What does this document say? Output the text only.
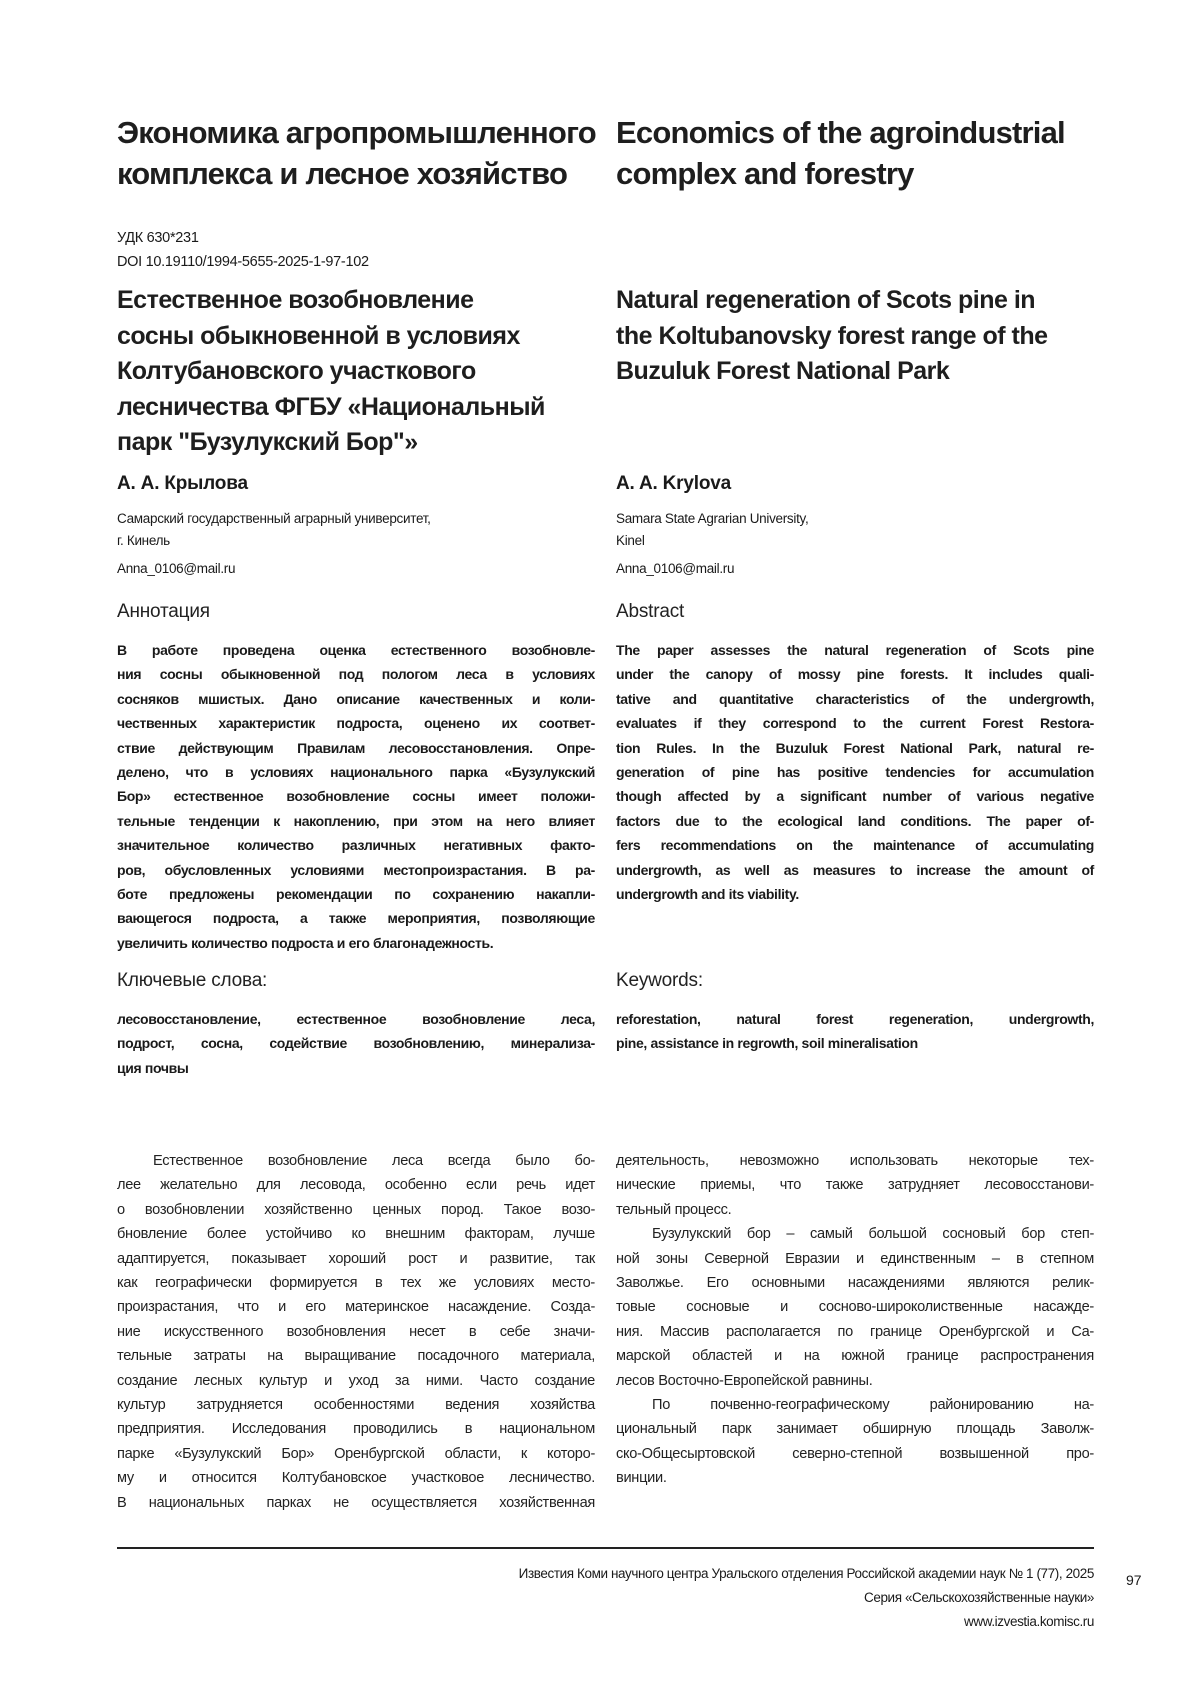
Экономика агропромышленного
комплекса и лесное хозяйство
Economics of the agroindustrial
complex and forestry
УДК 630*231
DOI 10.19110/1994-5655-2025-1-97-102
Естественное возобновление
сосны обыкновенной в условиях
Колтубановского участкового
лесничества ФГБУ «Национальный
парк "Бузулукский Бор"»
Natural regeneration of Scots pine in
the Koltubanovsky forest range of the
Buzuluk Forest National Park
А. А. Крылова
Самарский государственный аграрный университет,
г. Кинель
Anna_0106@mail.ru
A. A. Krylova
Samara State Agrarian University,
Kinel
Anna_0106@mail.ru
Аннотация	Abstract
В работе проведена оценка естественного возобновле-
ния сосны обыкновенной под пологом леса в условиях
сосняков мшистых. Дано описание качественных и коли-
чественных характеристик подроста, оценено их соответ-
ствие действующим Правилам лесовосстановления. Опре-
делено, что в условиях национального парка «Бузулукский
Бор» естественное возобновление сосны имеет положи-
тельные тенденции к накоплению, при этом на него влияет
значительное количество различных негативных факто-
ров, обусловленных условиями местопроизрастания. В ра-
боте предложены рекомендации по сохранению накапли-
вающегося подроста, а также мероприятия, позволяющие
увеличить количество подроста и его благонадежность.
The paper assesses the natural regeneration of Scots pine
under the canopy of mossy pine forests. It includes quali-
tative and quantitative characteristics of the undergrowth,
evaluates if they correspond to the current Forest Restora-
tion Rules. In the Buzuluk Forest National Park, natural re-
generation of pine has positive tendencies for accumulation
though affected by a significant number of various negative
factors due to the ecological land conditions. The paper of-
fers recommendations on the maintenance of accumulating
undergrowth, as well as measures to increase the amount of
undergrowth and its viability.
Ключевые слова:	Keywords:
лесовосстановление, естественное возобновление леса,
подрост, сосна, содействие возобновлению, минерализа-
ция почвы
reforestation, natural forest regeneration, undergrowth,
pine, assistance in regrowth, soil mineralisation
Естественное возобновление леса всегда было бо-
лее желательно для лесовода, особенно если речь идет
о возобновлении хозяйственно ценных пород. Такое возо-
бновление более устойчиво ко внешним факторам, лучше
адаптируется, показывает хороший рост и развитие, так
как географически формируется в тех же условиях место-
произрастания, что и его материнское насаждение. Созда-
ние искусственного возобновления несет в себе значи-
тельные затраты на выращивание посадочного материала,
создание лесных культур и уход за ними. Часто создание
культур затрудняется особенностями ведения хозяйства
предприятия. Исследования проводились в национальном
парке «Бузулукский Бор» Оренбургской области, к которо-
му и относится Колтубановское участковое лесничество.
В национальных парках не осуществляется хозяйственная
деятельность, невозможно использовать некоторые тех-
нические приемы, что также затрудняет лесовосстанови-
тельный процесс.
Бузулукский бор – самый большой сосновый бор степ-
ной зоны Северной Евразии и единственным – в степном
Заволжье. Его основными насаждениями являются релик-
товые сосновые и сосново-широколиственные насажде-
ния. Массив располагается по границе Оренбургской и Са-
марской областей и на южной границе распространения
лесов Восточно-Европейской равнины.
По почвенно-географическому районированию на-
циональный парк занимает обширную площадь Заволж-
ско-Общесыртовской северно-степной возвышенной про-
винции.
Известия Коми научного центра Уральского отделения Российской академии наук № 1 (77), 2025
Серия «Сельскохозяйственные науки»
www.izvestia.komisc.ru
97
